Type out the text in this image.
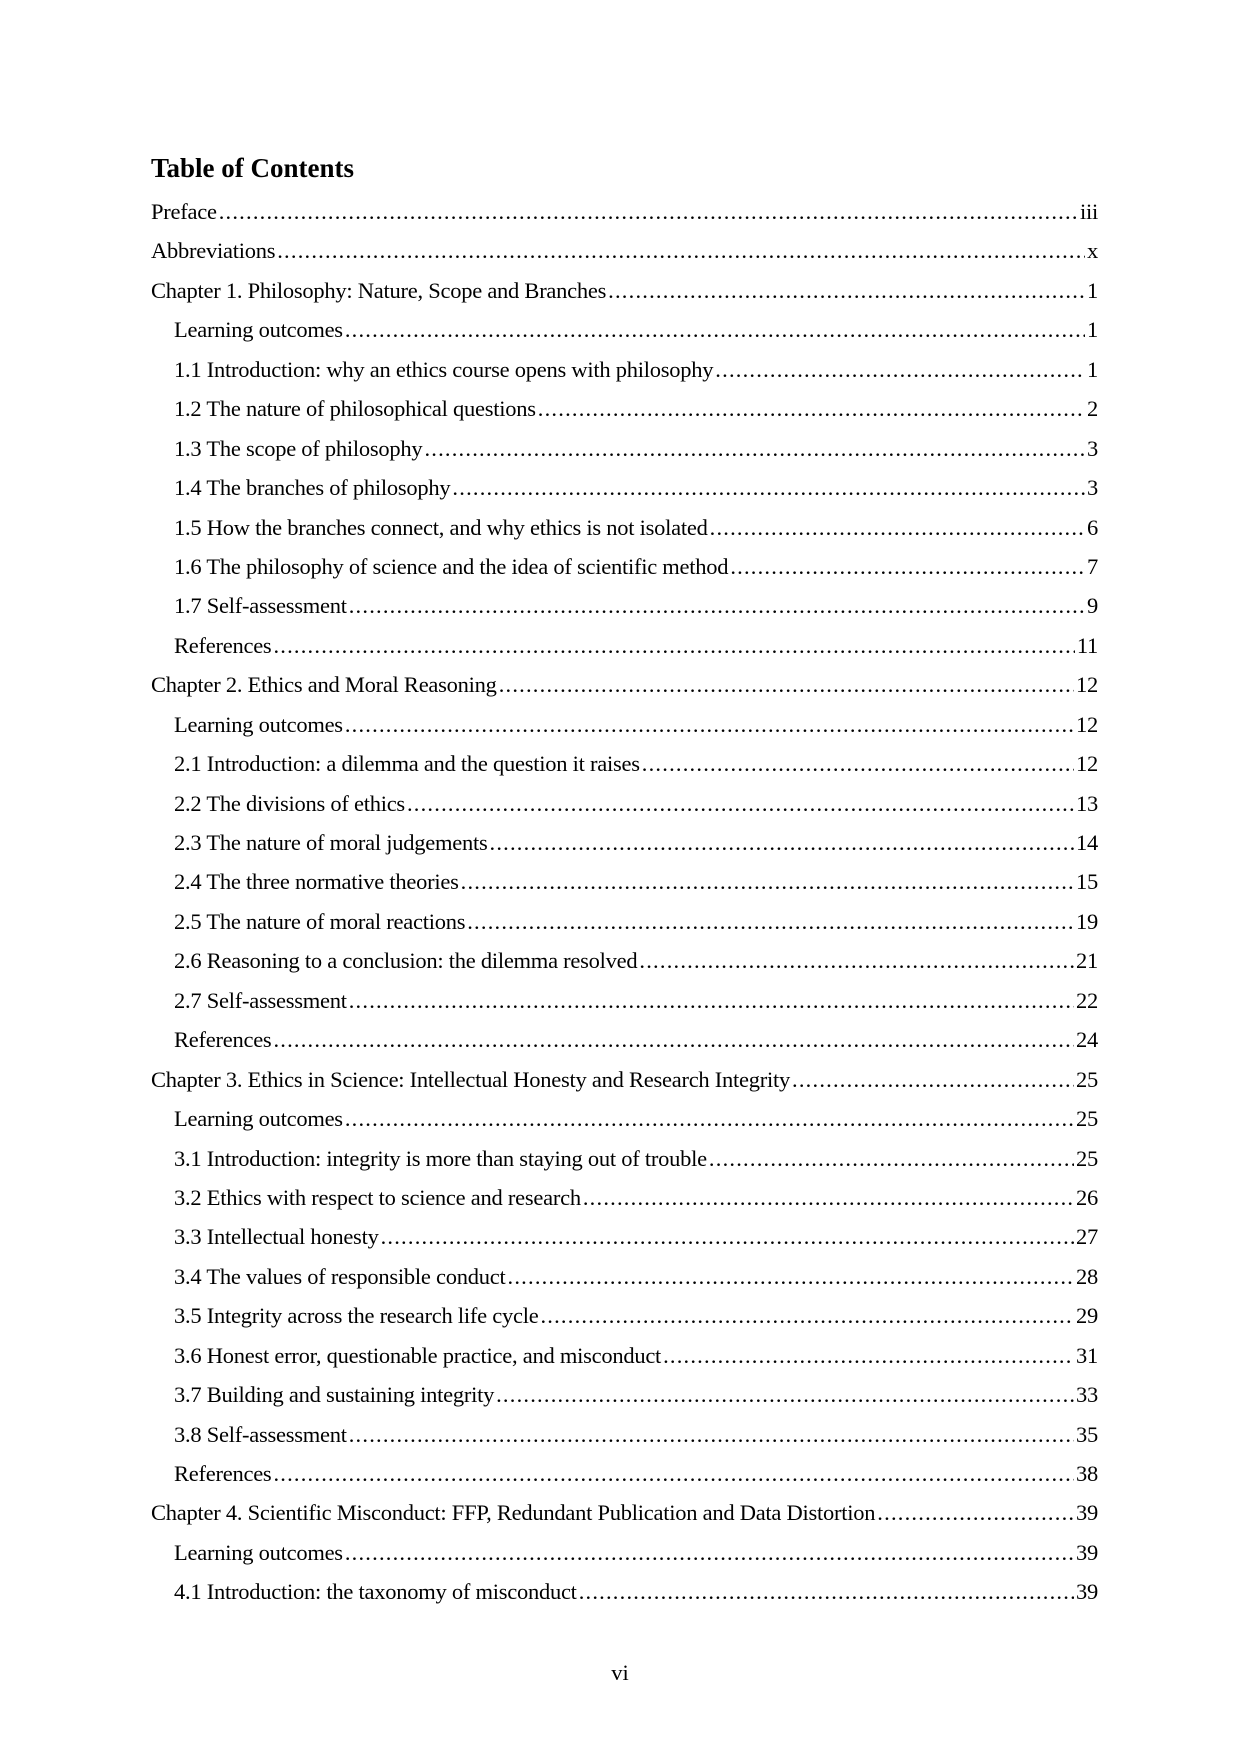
Table of Contents
Preface .....	iii
Abbreviations .....	x
Chapter 1. Philosophy: Nature, Scope and Branches .....	1
Learning outcomes .....	1
1.1 Introduction: why an ethics course opens with philosophy .....	1
1.2 The nature of philosophical questions .....	2
1.3 The scope of philosophy .....	3
1.4 The branches of philosophy .....	3
1.5 How the branches connect, and why ethics is not isolated .....	6
1.6 The philosophy of science and the idea of scientific method .....	7
1.7 Self-assessment .....	9
References .....	11
Chapter 2. Ethics and Moral Reasoning .....	12
Learning outcomes .....	12
2.1 Introduction: a dilemma and the question it raises .....	12
2.2 The divisions of ethics .....	13
2.3 The nature of moral judgements .....	14
2.4 The three normative theories .....	15
2.5 The nature of moral reactions .....	19
2.6 Reasoning to a conclusion: the dilemma resolved .....	21
2.7 Self-assessment .....	22
References .....	24
Chapter 3. Ethics in Science: Intellectual Honesty and Research Integrity .....	25
Learning outcomes .....	25
3.1 Introduction: integrity is more than staying out of trouble .....	25
3.2 Ethics with respect to science and research .....	26
3.3 Intellectual honesty .....	27
3.4 The values of responsible conduct .....	28
3.5 Integrity across the research life cycle .....	29
3.6 Honest error, questionable practice, and misconduct .....	31
3.7 Building and sustaining integrity .....	33
3.8 Self-assessment .....	35
References .....	38
Chapter 4. Scientific Misconduct: FFP, Redundant Publication and Data Distortion .....	39
Learning outcomes .....	39
4.1 Introduction: the taxonomy of misconduct .....	39
vi
